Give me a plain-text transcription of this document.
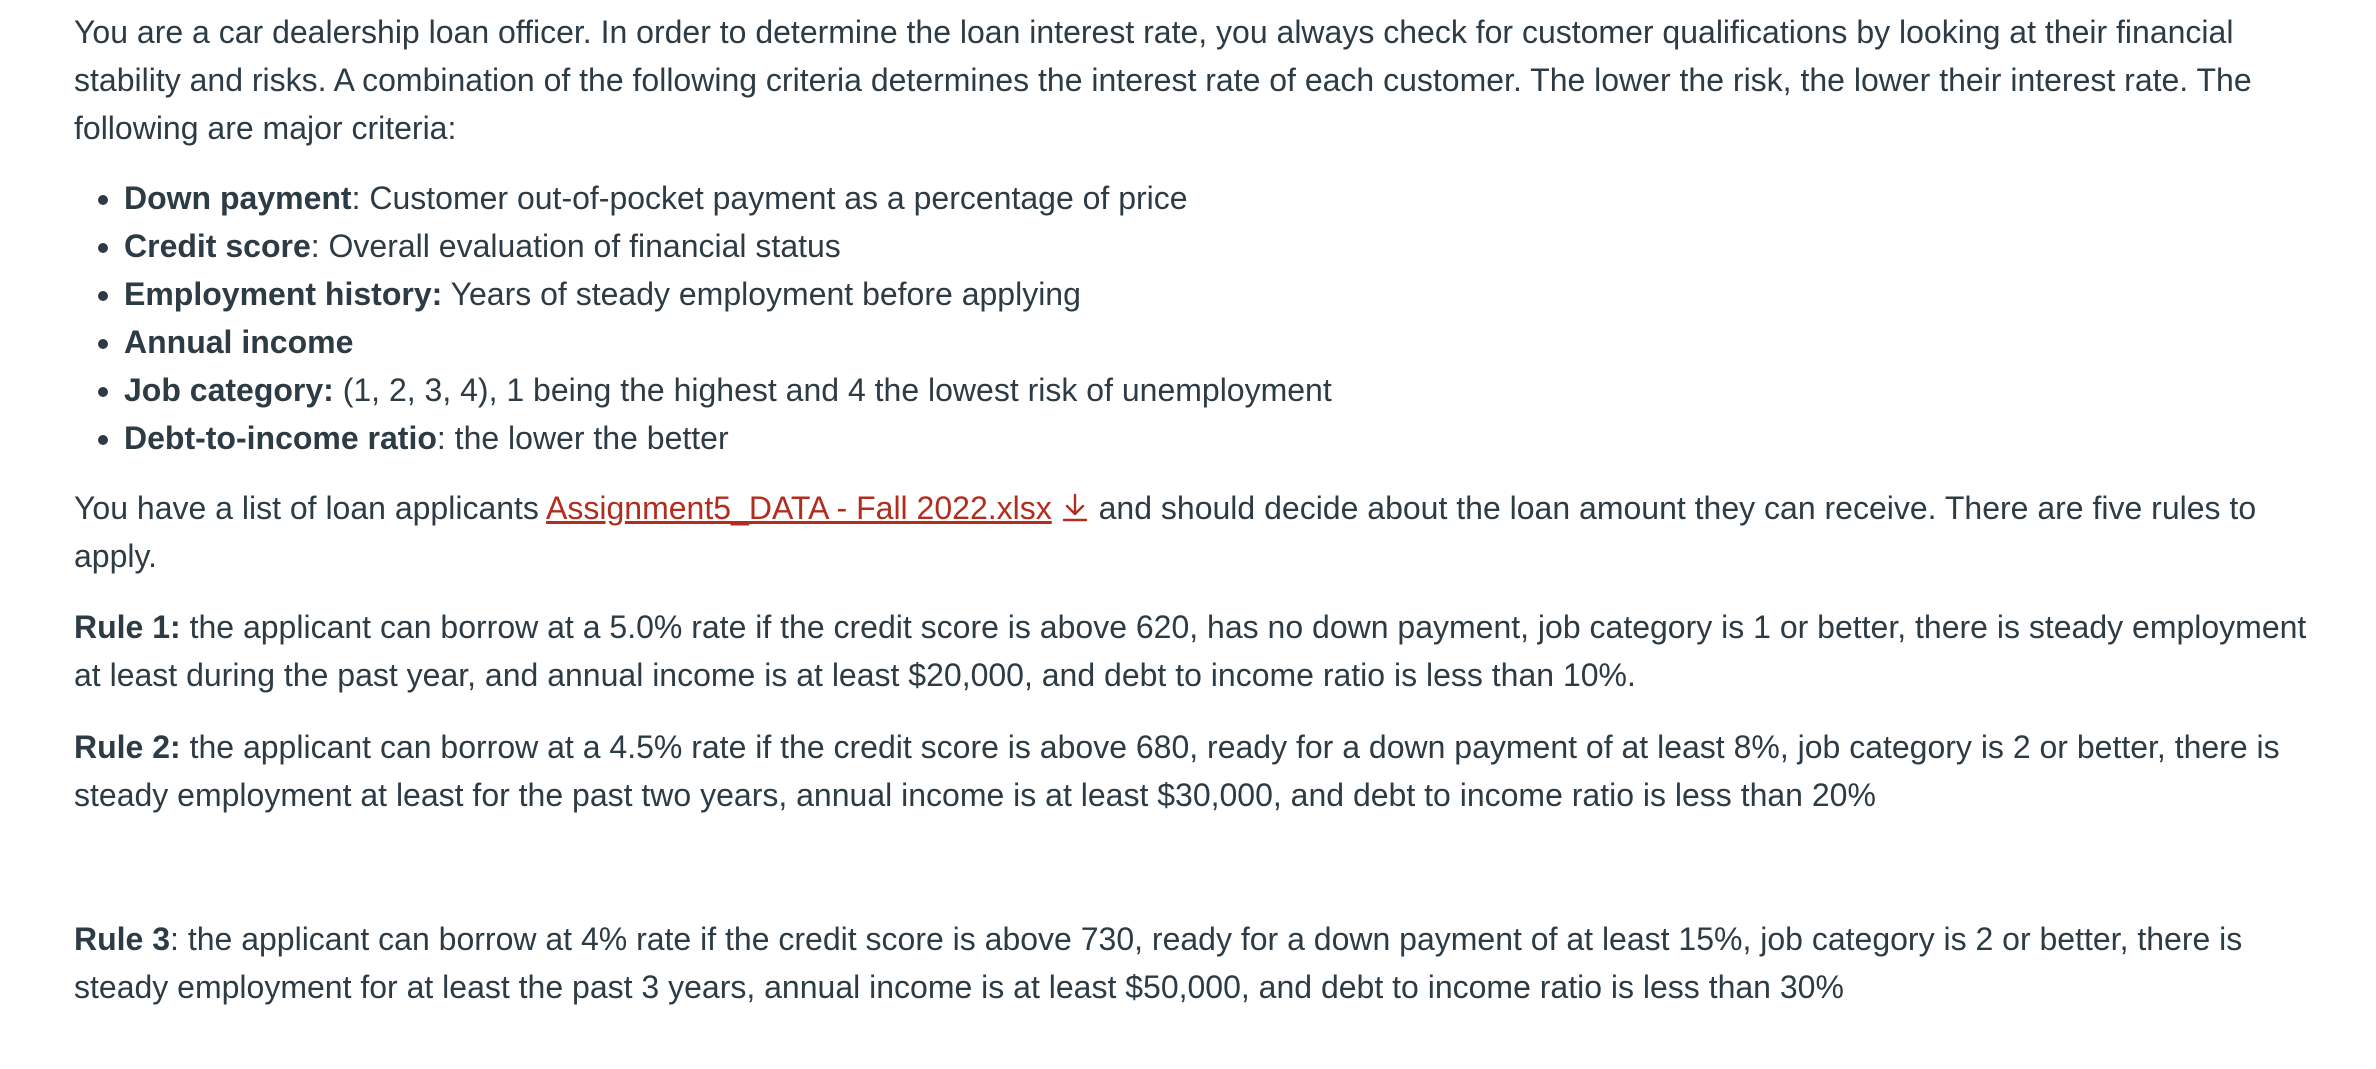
You are a car dealership loan officer. In order to determine the loan interest rate, you always check for customer qualifications by looking at their financial stability and risks. A combination of the following criteria determines the interest rate of each customer. The lower the risk, the lower their interest rate. The following are major criteria:

• Down payment: Customer out-of-pocket payment as a percentage of price
• Credit score: Overall evaluation of financial status
• Employment history: Years of steady employment before applying
• Annual income
• Job category: (1, 2, 3, 4), 1 being the highest and 4 the lowest risk of unemployment
• Debt-to-income ratio: the lower the better

You have a list of loan applicants Assignment5_DATA - Fall 2022.xlsx and should decide about the loan amount they can receive. There are five rules to apply.

Rule 1: the applicant can borrow at a 5.0% rate if the credit score is above 620, has no down payment, job category is 1 or better, there is steady employment at least during the past year, and annual income is at least $20,000, and debt to income ratio is less than 10%.

Rule 2: the applicant can borrow at a 4.5% rate if the credit score is above 680, ready for a down payment of at least 8%, job category is 2 or better, there is steady employment at least for the past two years, annual income is at least $30,000, and debt to income ratio is less than 20%

Rule 3: the applicant can borrow at 4% rate if the credit score is above 730, ready for a down payment of at least 15%, job category is 2 or better, there is steady employment for at least the past 3 years, annual income is at least $50,000, and debt to income ratio is less than 30%
